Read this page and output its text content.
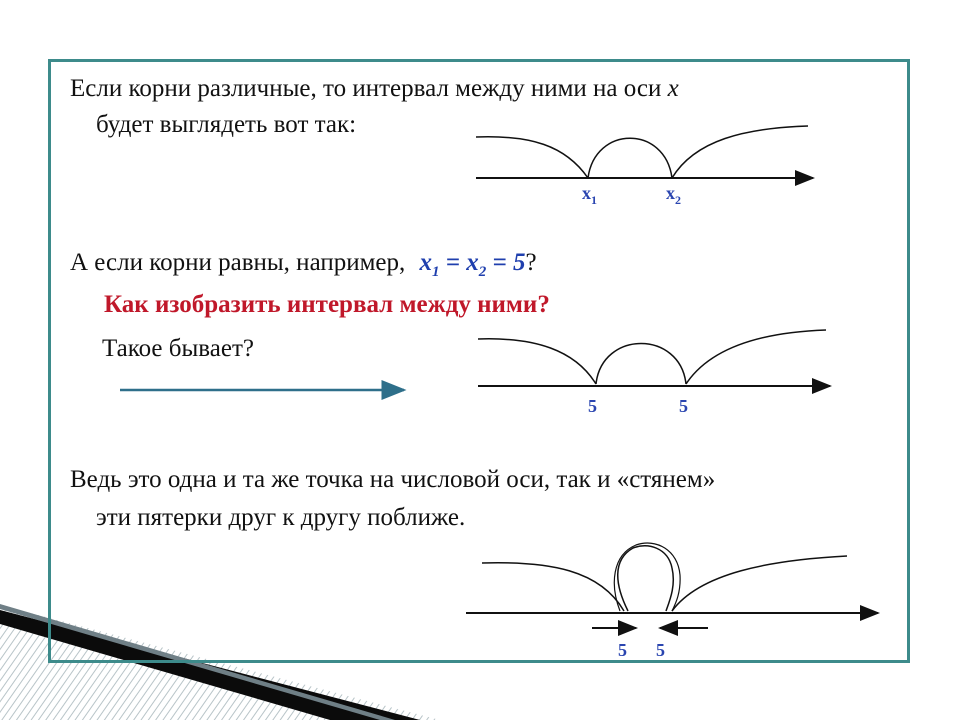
Если корни различные, то интервал между ними на оси x
будет выглядеть вот так:
А если корни равны, например, $x_1 = x_2 = 5$?
Как изобразить интервал между ними?
Такое бывает?
Ведь это одна и та же точка на числовой оси, так и «стянем»
эти пятерки друг к другу поближе.
$x_1$	$x_2$
5	5
5 5
